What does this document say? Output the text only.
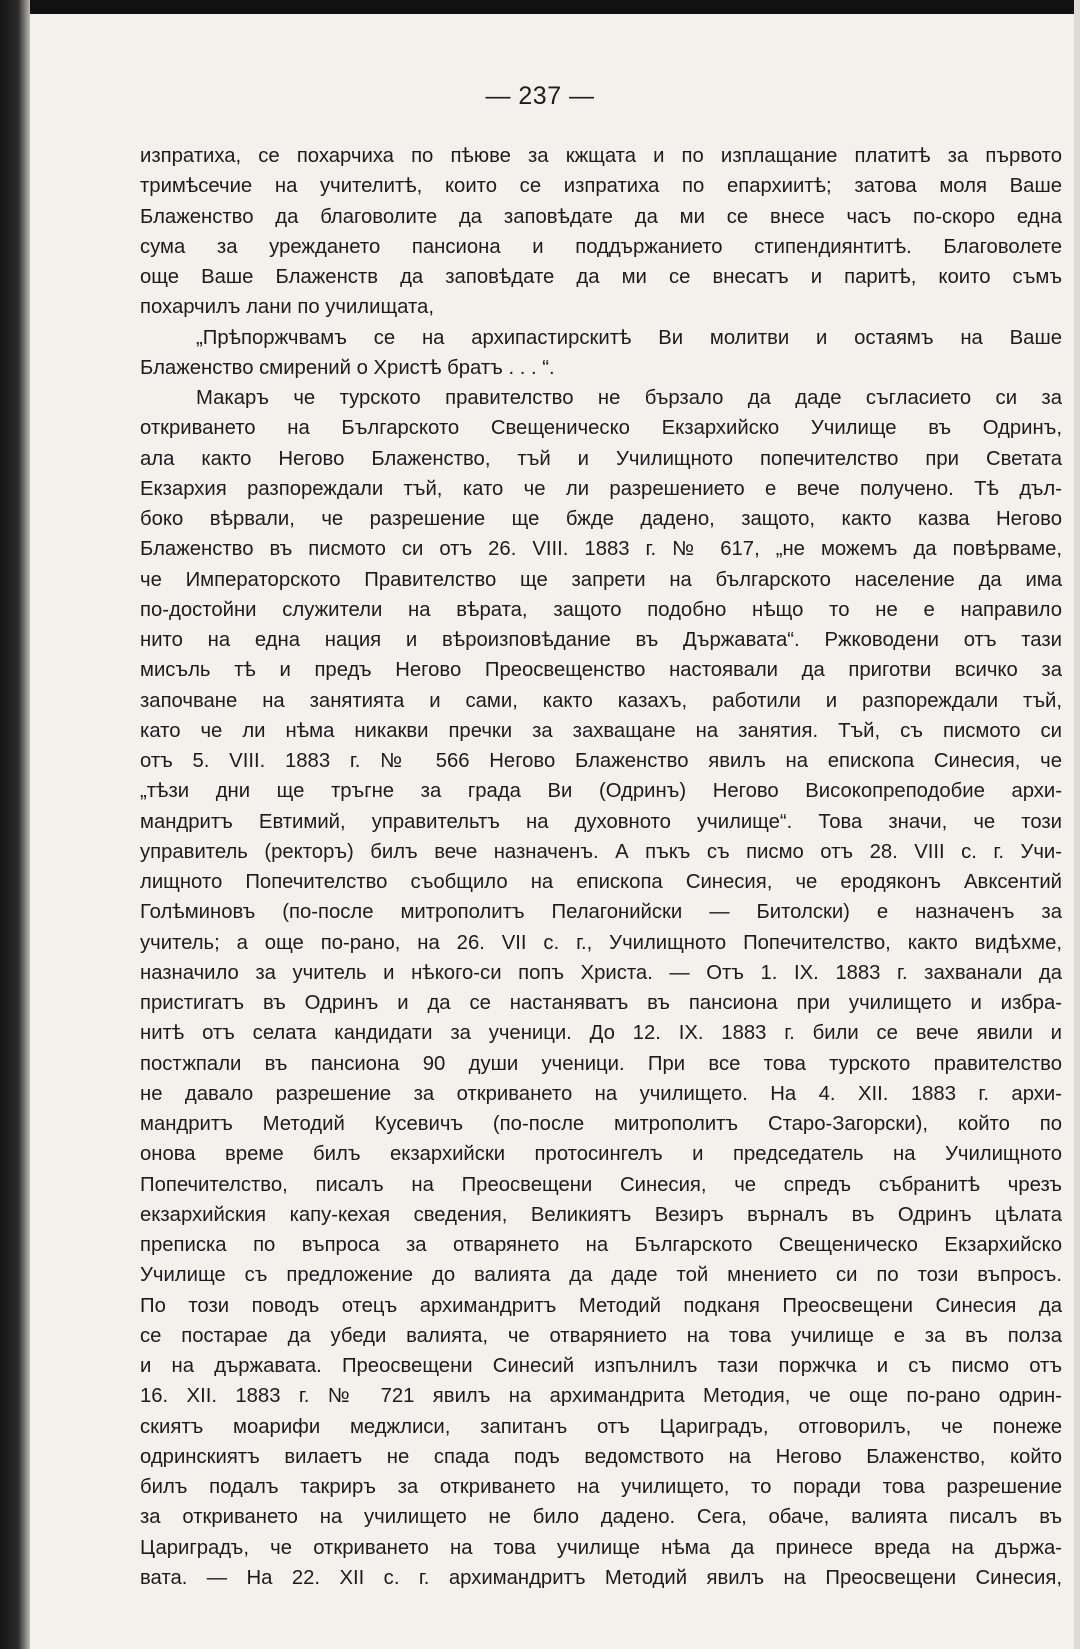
— 237 —
изпратиха, се похарчиха по пѣюве за кжщата и по изплащание платитѣ за първото
тримѣсечие на учителитѣ, които се изпратиха по епархиитѣ; затова моля Ваше
Блаженство да благоволите да заповѣдате да ми се внесе часъ по-скоро една
сума за уреждането пансиона и поддържанието стипендиянтитѣ. Благоволете
още Ваше Блаженств да заповѣдате да ми се внесатъ и паритѣ, които съмъ
похарчилъ лани по училищата,
„Прѣпоржчвамъ се на архипастирскитѣ Ви молитви и остаямъ на Ваше
Блаженство смирений о Христѣ братъ . . . “.
Макаръ че турското правителство не бързало да даде съгласието си за
откриването на Българското Свещеническо Екзархийско Училище въ Одринъ,
ала както Негово Блаженство, тъй и Училищното попечителство при Светата
Екзархия разпореждали тъй, като че ли разрешението е вече получено. Тѣ дъл-
боко вѣрвали, че разрешение ще бжде дадено, защото, както казва Негово
Блаженство въ писмото си отъ 26. VIII. 1883 г. № 617, „не можемъ да повѣрваме,
че Императорското Правителство ще запрети на българското население да има
по-достойни служители на вѣрата, защото подобно нѣщо то не е направило
нито на една нация и вѣроизповѣдание въ Държавата“. Ржководени отъ тази
мисъль тѣ и предъ Негово Преосвещенство настоявали да приготви всичко за
започване на занятията и сами, както казахъ, работили и разпореждали тъй,
като че ли нѣма никакви пречки за захващане на занятия. Тъй, съ писмото си
отъ 5. VIII. 1883 г. № 566 Негово Блаженство явилъ на епископа Синесия, че
„тѣзи дни ще тръгне за града Ви (Одринъ) Негово Високопреподобие архи-
мандритъ Евтимий, управительтъ на духовното училище“. Това значи, че този
управитель (ректоръ) билъ вече назначенъ. А пъкъ съ писмо отъ 28. VIII с. г. Учи-
лищното Попечителство съобщило на епископа Синесия, че еродяконъ Авксентий
Голѣминовъ (по-после митрополитъ Пелагонийски — Битолски) е назначенъ за
учитель; а още по-рано, на 26. VII с. г., Училищното Попечителство, както видѣхме,
назначило за учитель и нѣкого-си попъ Христа. — Отъ 1. IX. 1883 г. захванали да
пристигатъ въ Одринъ и да се настаняватъ въ пансиона при училището и избра-
нитѣ отъ селата кандидати за ученици. До 12. IX. 1883 г. били се вече явили и
постжпали въ пансиона 90 души ученици. При все това турското правителство
не давало разрешение за откриването на училището. На 4. XII. 1883 г. архи-
мандритъ Методий Кусевичъ (по-после митрополитъ Старо-Загорски), който по
онова време билъ екзархийски протосингелъ и председатель на Училищното
Попечителство, писалъ на Преосвещени Синесия, че спредъ събранитѣ чрезъ
екзархийския капу-кехая сведения, Великиятъ Везиръ върналъ въ Одринъ цѣлата
преписка по въпроса за отварянето на Българското Свещеническо Екзархийско
Училище съ предложение до валията да даде той мнението си по този въпросъ.
По този поводъ отецъ архимандритъ Методий подканя Преосвещени Синесия да
се постарае да убеди валията, че отварянието на това училище е за въ полза
и на държавата. Преосвещени Синесий изпълнилъ тази поржчка и съ писмо отъ
16. XII. 1883 г. № 721 явилъ на архимандрита Методия, че още по-рано одрин-
скиятъ моарифи меджлиси, запитанъ отъ Цариградъ, отговорилъ, че понеже
одринскиятъ вилаетъ не спада подъ ведомството на Негово Блаженство, който
билъ подалъ такриръ за откриването на училището, то поради това разрешение
за откриването на училището не било дадено. Сега, обаче, валията писалъ въ
Цариградъ, че откриването на това училище нѣма да принесе вреда на държа-
вата. — На 22. XII с. г. архимандритъ Методий явилъ на Преосвещени Синесия,
